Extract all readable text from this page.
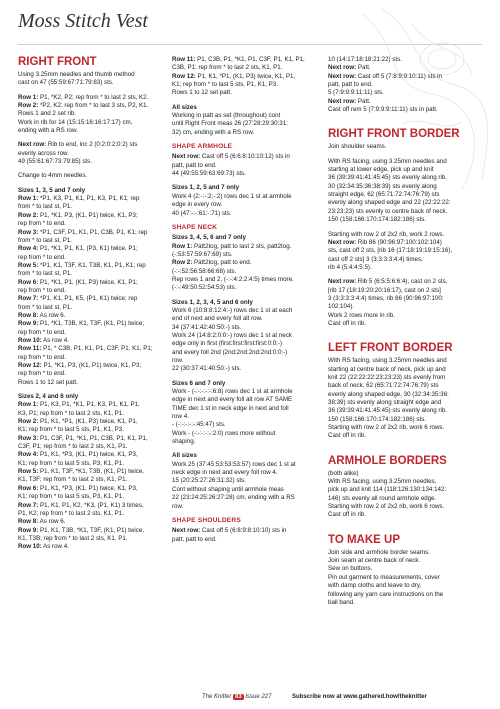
Moss Stitch Vest
RIGHT FRONT
Using 3.25mm needles and thumb method
cast on 47 (55:59:67:71:79:83) sts.
Row 1: P1, *K2, P2; rep from * to last 2 sts, K2.
Row 2: *P2, K2; rep from * to last 3 sts, P2, K1.
Rows 1 and 2 set rib.
Work in rib for 14 (15:15:16:16:17:17) cm,
ending with a RS row.
Next row: Rib to end, inc 2 (0:2:0:2:0:2) sts
evenly across row.
49 (55:61:67:73:79:85) sts.
Change to 4mm needles.
Sizes 1, 3, 5 and 7 only
Row 1: *P1, K3, P1, K1, P1, K3, P1, K1; rep
from * to last st, P1.
Row 2: P1, *K1, P3, (K1, P1) twice, K1, P3;
rep from * to end.
Row 3: *P1, C3F, P1, K1, P1, C3B, P1, K1; rep
from * to last st, P1.
Row 4: P1, *K1, P1, K1, (P3, K1) twice, P1;
rep from * to end.
Row 5: *P1, K1, T3F, K1, T3B, K1, P1, K1; rep
from * to last st, P1.
Row 6: P1, *K1, P1, (K1, P3) twice, K1, P1;
rep from * to end.
Row 7: *P1, K1, P1, K5, (P1, K1) twice; rep
from * to last st, P1.
Row 8: As row 6.
Row 9: P1, *K1, T3B, K1, T3F, (K1, P1) twice;
rep from * to end.
Row 10: As row 4.
Row 11: P1, * C3B, P1, K1, P1, C3F, P1, K1, P1;
rep from * to end.
Row 12: P1, *K1, P3, (K1, P1) twice, K1, P3;
rep from * to end.
Rows 1 to 12 set patt.
Sizes 2, 4 and 6 only
Row 1: P1, K3, P1, *K1, P1, K3, P1, K1, P1,
K3, P1; rep from * to last 2 sts, K1, P1.
Row 2: P1, K1, *P1, (K1, P3) twice, K1, P1,
K1; rep from * to last 5 sts, P1, K1, P3.
Row 3: P1, C3F, P1, *K1, P1, C3B, P1, K1, P1,
C3F, P1; rep from * to last 2 sts, K1, P1.
Row 4: P1, K1, *P3, (K1, P1) twice, K1, P3,
K1; rep from * to last 5 sts, P3, K1, P1.
Row 5: P1, K1, T3F, *K1, T3B, (K1, P1) twice,
K1, T3F; rep from * to last 2 sts, K1, P1.
Row 6: P1, K1, *P3, (K1, P1) twice, K1, P3,
K1; rep from * to last 5 sts, P3, K1, P1.
Row 7: P1, K1, P1, K2, *K3, (P1, K1) 3 times,
P1, K2; rep from * to last 2 sts, K1, P1.
Row 8: As row 6.
Row 9: P1, K1, T3B, *K1, T3F, (K1, P1) twice,
K1, T3B; rep from * to last 2 sts, K1, P1.
Row 10: As row 4.
Row 11: P1, C3B, P1, *K1, P1, C3F, P1, K1, P1,
C3B, P1; rep from * to last 2 sts, K1, P1.
Row 12: P1, K1, *P1, (K1, P3) twice, K1, P1,
K1; rep from * to last 5 sts, P1, K1, P3.
Rows 1 to 12 set patt.
All sizes
Working in patt as set (throughout) cont
until Right Front meas 26 (27:28:29:30:31:
32) cm, ending with a RS row.
SHAPE ARMHOLE
Next row: Cast off 5 (6:6:8:10:10:12) sts in
patt, patt to end.
44 (49:55:59:63:69:73) sts.
Sizes 1, 2, 5 and 7 only
Work 4 (2:-:-:2:-:2) rows dec 1 st at armhole
edge in every row.
40 (47:-:-:61:-:71) sts.
SHAPE NECK
Sizes 3, 4, 5, 6 and 7 only
Row 1: Patt2tog, patt to last 2 sts, patt2tog.
(-:53:57:59:67:69) sts.
Row 2: Patt2tog, patt to end.
(-:-:52:56:58:66:68) sts.
Rep rows 1 and 2, (-:-:4:2:2:4:5) times more.
(-:-:49:50:52:54:53) sts.
Sizes 1, 2, 3, 4, 5 and 6 only
Work 6 (10:8:8:12:4:-) rows dec 1 st at each
end of next and every foll alt row.
34 (37:41:42:40:50:-) sts.
Work 24 (14:8:2:0:0:-) rows dec 1 st at neck
edge only in first (first:first:first:first:0:0:-)
and every foll 2nd (2nd:2nd:2nd:2nd:0:0:-)
row.
22 (30:37:41:40:50:-) sts.
Sizes 6 and 7 only
Work - (-:-:-:-:-:6:8) rows dec 1 st at armhole
edge in next and every foll alt row AT SAME
TIME dec 1 st in neck edge in next and foll
row 4.
- (-:-:-:-:-:45:47) sts.
Work - (-:-:-:-:-:2:0) rows more without
shaping.
All sizes
Work 25 (37:45:53:53:53:57) rows dec 1 st at
neck edge in next and every foll row 4.
15 (20:25:27:26:31:32) sts.
Cont without shaping until armhole meas
22 (23:24:25:26:27:28) cm, ending with a RS
row.
SHAPE SHOULDERS
Next row: Cast off 5 (6:8:9:8:10:10) sts in
patt, patt to end.
10 (14:17:18:18:21:22) sts.
Next row: Patt.
Next row: Cast off 5 (7:8:9:9:10:11) sts in
patt, patt to end.
5 (7:9:9:9:11:11) sts.
Next row: Patt.
Cast off rem 5 (7:9:9:9:11:11) sts in patt.
RIGHT FRONT BORDER
Join shoulder seams.
With RS facing, using 3.25mm needles and
starting at lower edge, pick up and knit
36 (39:39:41:41:45:45) sts evenly along rib,
30 (32:34:35:36:38:39) sts evenly along
straight edge, 62 (65:71:72:74:76:79) sts
evenly along shaped edge and 22 (22:22:22:
23:23:23) sts evenly to centre back of neck.
150 (158:166:170:174:182:186) sts.
Starting with row 2 of 2x2 rib, work 2 rows.
Next row: Rib 86 (90:96:97:100:102:104)
sts, cast off 2 sts, [rib 16 (17:18:19:19:15:16),
cast off 2 sts] 3 (3:3:3:3:4:4) times,
rib 4 (5:4:4:5:5).
Next row: Rib 5 (6:5:5:6:6:4), cast on 2 sts,
[rib 17 (18:19:20:20:16:17), cast on 2 sts]
3 (3:3:3:3:4:4) times, rib 86 (90:96:97:100:
102:104).
Work 2 rows more in rib.
Cast off in rib.
LEFT FRONT BORDER
With RS facing, using 3.25mm needles and
starting at centre back of neck, pick up and
knit 22 (22:22:22:23:23:23) sts evenly from
back of neck, 62 (65:71:72:74:76:79) sts
evenly along shaped edge, 30 (32:34:35:36:
38:39) sts evenly along straight edge and
36 (39:39:41:41:45:45) sts evenly along rib.
150 (158:166:170:174:182:186) sts.
Starting with row 2 of 2x2 rib, work 6 rows.
Cast off in rib.
ARMHOLE BORDERS
(both alike)
With RS facing, using 3.25mm needles,
pick up and knit 114 (118:126:130:134:142:
146) sts evenly all round armhole edge.
Starting with row 2 of 2x2 rib, work 6 rows.
Cast off in rib.
TO MAKE UP
Join side and armhole border seams.
Join seam at centre back of neck.
Sew on buttons.
Pin out garment to measurements, cover
with damp cloths and leave to dry,
following any yarn care instructions on the
ball band.
The Knitter 83 Issue 227	Subscribe now at www.gathered.how/theknitter
